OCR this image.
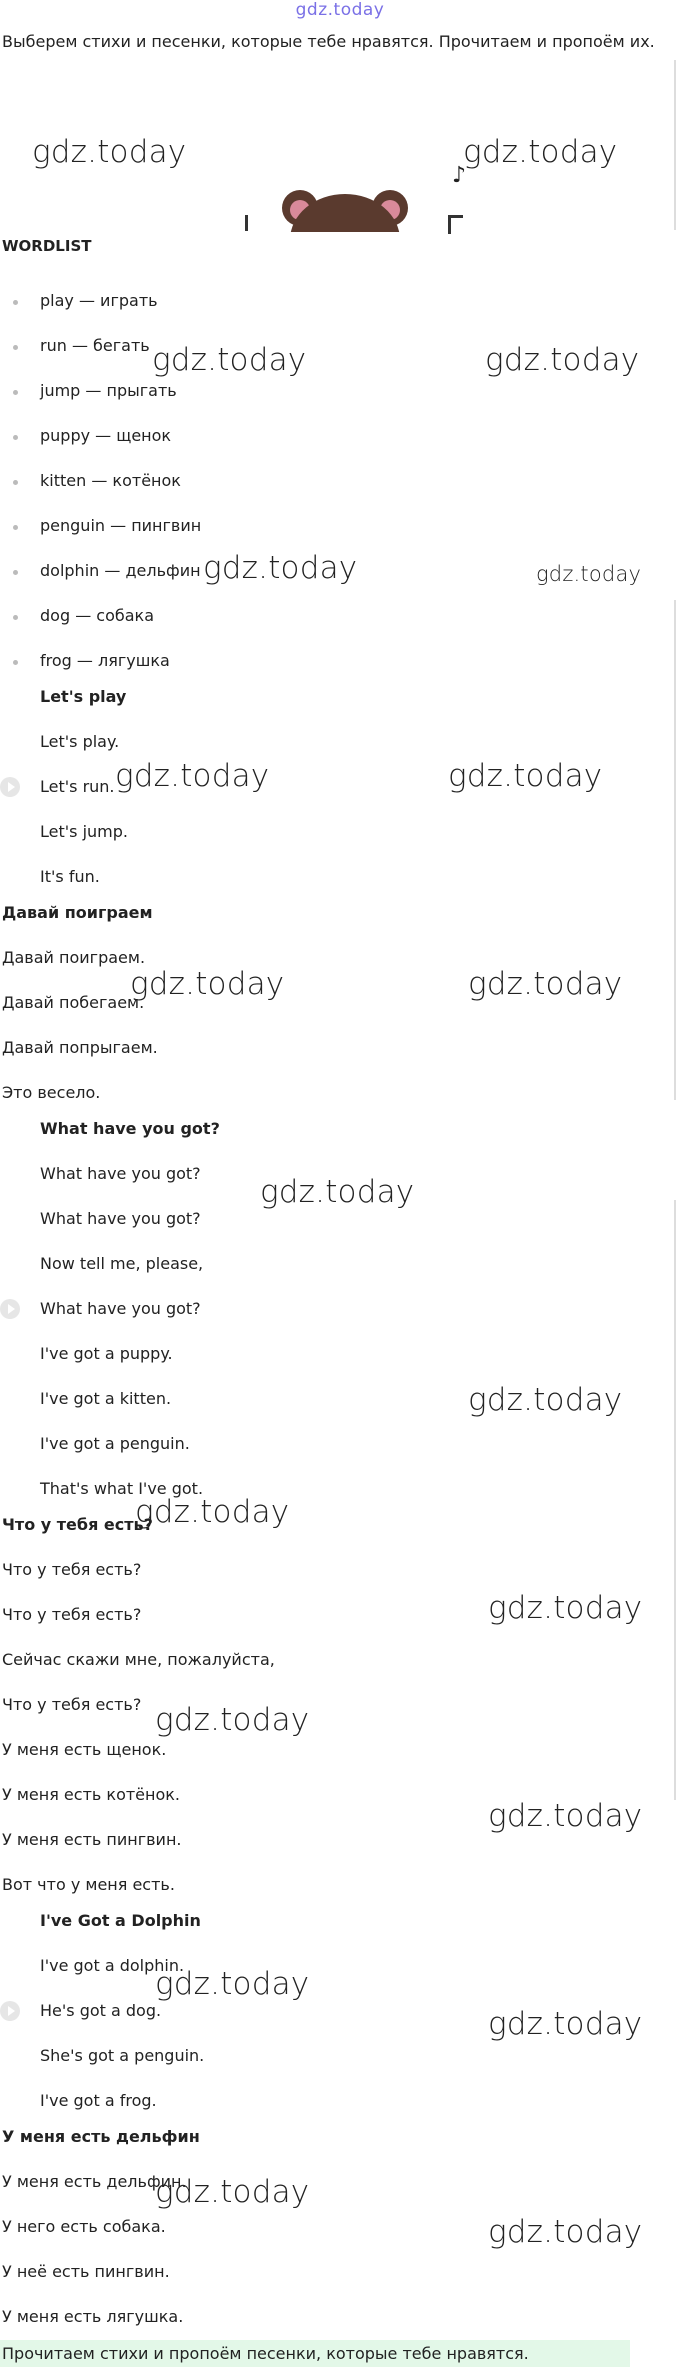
gdz.today
Выберем стихи и песенки, которые тебе нравятся. Прочитаем и пропоём их.
♪
gdz.today	gdz.today
gdz.today	gdz.today
gdz.today	gdz.today
gdz.today	gdz.today
gdz.today	gdz.today
gdz.today
gdz.today
gdz.today
gdz.today
gdz.today
gdz.today
gdz.today
gdz.today
gdz.today
gdz.today
WORDLIST
play — играть
run — бегать
jump — прыгать
puppy — щенок
kitten — котёнок
penguin — пингвин
dolphin — дельфин
dog — собака
frog — лягушка
Let's play
Let's play.
Let's run.
Let's jump.
It's fun.
Давай поиграем
Давай поиграем.
Давай побегаем.
Давай попрыгаем.
Это весело.
What have you got?
What have you got?
What have you got?
Now tell me, please,
What have you got?
I've got a puppy.
I've got a kitten.
I've got a penguin.
That's what I've got.
Что у тебя есть?
Что у тебя есть?
Что у тебя есть?
Сейчас скажи мне, пожалуйста,
Что у тебя есть?
У меня есть щенок.
У меня есть котёнок.
У меня есть пингвин.
Вот что у меня есть.
I've Got a Dolphin
I've got a dolphin.
He's got a dog.
She's got a penguin.
I've got a frog.
У меня есть дельфин
У меня есть дельфин.
У него есть собака.
У неё есть пингвин.
У меня есть лягушка.
Прочитаем стихи и пропоём песенки, которые тебе нравятся.
